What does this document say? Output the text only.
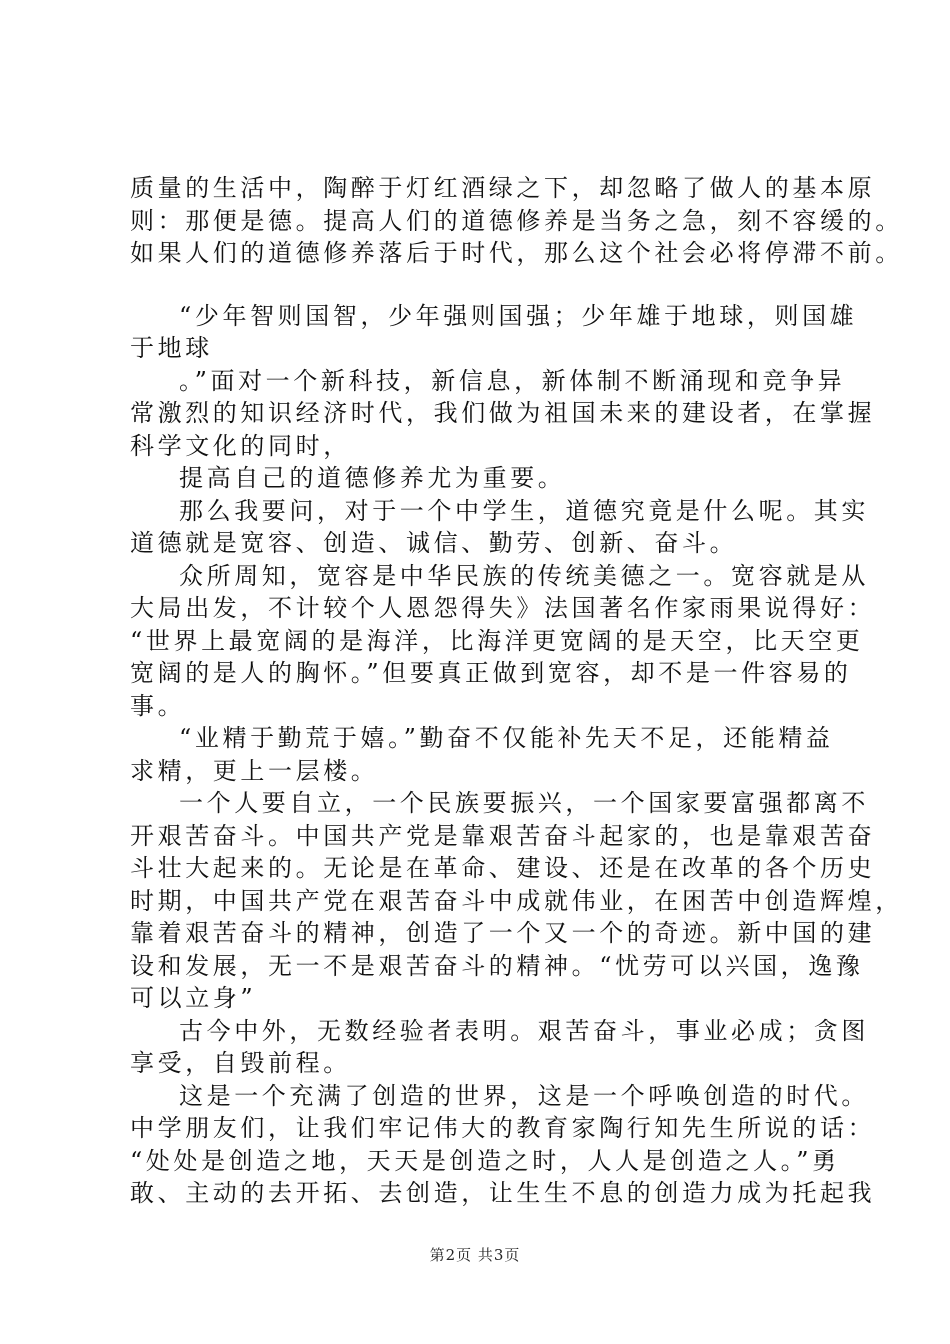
质量的生活中，陶醉于灯红酒绿之下，却忽略了做人的基本原
则：那便是德。提高人们的道德修养是当务之急，刻不容缓的。
如果人们的道德修养落后于时代，那么这个社会必将停滞不前。
“少年智则国智，少年强则国强；少年雄于地球，则国雄
于地球
。”面对一个新科技，新信息，新体制不断涌现和竞争异
常激烈的知识经济时代，我们做为祖国未来的建设者，在掌握
科学文化的同时，
提高自己的道德修养尤为重要。
那么我要问，对于一个中学生，道德究竟是什么呢。其实
道德就是宽容、创造、诚信、勤劳、创新、奋斗。
众所周知，宽容是中华民族的传统美德之一。宽容就是从
大局出发，不计较个人恩怨得失》法国著名作家雨果说得好：
“世界上最宽阔的是海洋，比海洋更宽阔的是天空，比天空更
宽阔的是人的胸怀。”但要真正做到宽容，却不是一件容易的
事。
“业精于勤荒于嬉。”勤奋不仅能补先天不足，还能精益
求精，更上一层楼。
一个人要自立，一个民族要振兴，一个国家要富强都离不
开艰苦奋斗。中国共产党是靠艰苦奋斗起家的，也是靠艰苦奋
斗壮大起来的。无论是在革命、建设、还是在改革的各个历史
时期，中国共产党在艰苦奋斗中成就伟业，在困苦中创造辉煌，
靠着艰苦奋斗的精神，创造了一个又一个的奇迹。新中国的建
设和发展，无一不是艰苦奋斗的精神。“忧劳可以兴国，逸豫
可以立身”
古今中外，无数经验者表明。艰苦奋斗，事业必成；贪图
享受，自毁前程。
这是一个充满了创造的世界，这是一个呼唤创造的时代。
中学朋友们，让我们牢记伟大的教育家陶行知先生所说的话：
“处处是创造之地，天天是创造之时，人人是创造之人。”勇
敢、主动的去开拓、去创造，让生生不息的创造力成为托起我
第2页 共3页
